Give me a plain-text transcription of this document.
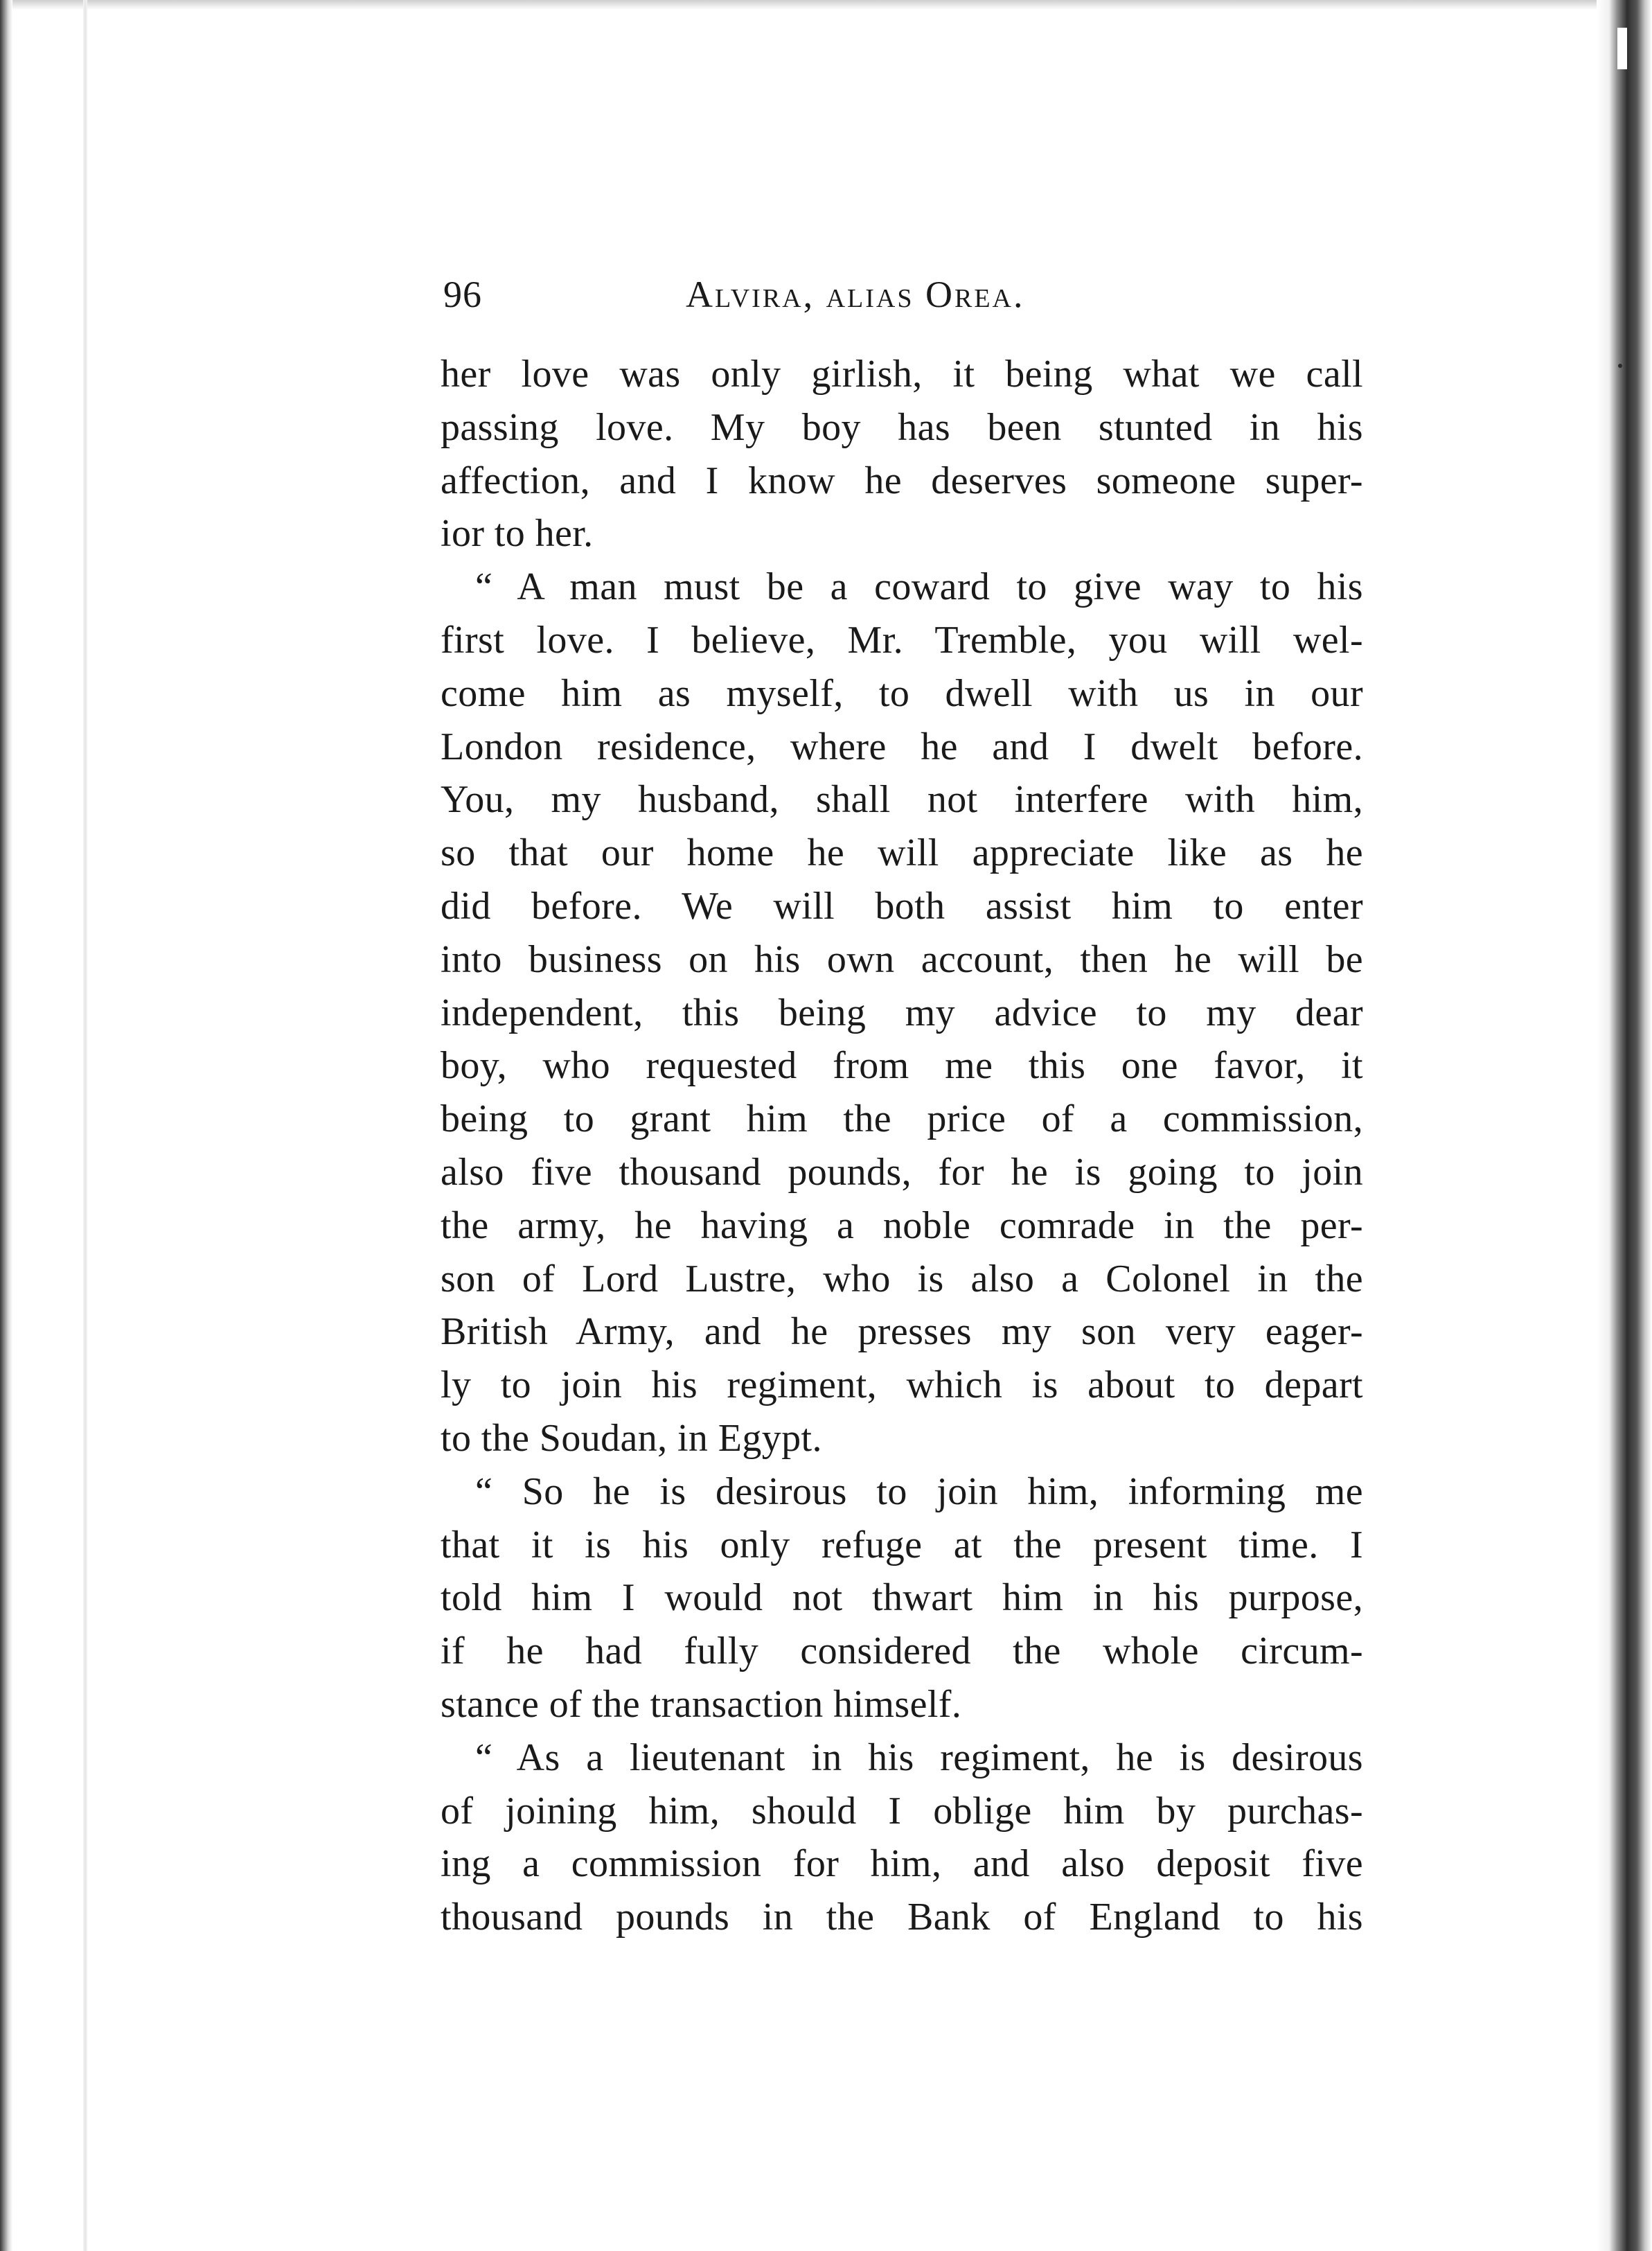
96	Alvira, alias Orea.
her love was only girlish, it being what we call
passing love. My boy has been stunted in his
affection, and I know he deserves someone super-
ior to her.
“ A man must be a coward to give way to his
first love. I believe, Mr. Tremble, you will wel-
come him as myself, to dwell with us in our
London residence, where he and I dwelt before.
You, my husband, shall not interfere with him,
so that our home he will appreciate like as he
did before. We will both assist him to enter
into business on his own account, then he will be
independent, this being my advice to my dear
boy, who requested from me this one favor, it
being to grant him the price of a commission,
also five thousand pounds, for he is going to join
the army, he having a noble comrade in the per-
son of Lord Lustre, who is also a Colonel in the
British Army, and he presses my son very eager-
ly to join his regiment, which is about to depart
to the Soudan, in Egypt.
“ So he is desirous to join him, informing me
that it is his only refuge at the present time. I
told him I would not thwart him in his purpose,
if he had fully considered the whole circum-
stance of the transaction himself.
“ As a lieutenant in his regiment, he is desirous
of joining him, should I oblige him by purchas-
ing a commission for him, and also deposit five
thousand pounds in the Bank of England to his
